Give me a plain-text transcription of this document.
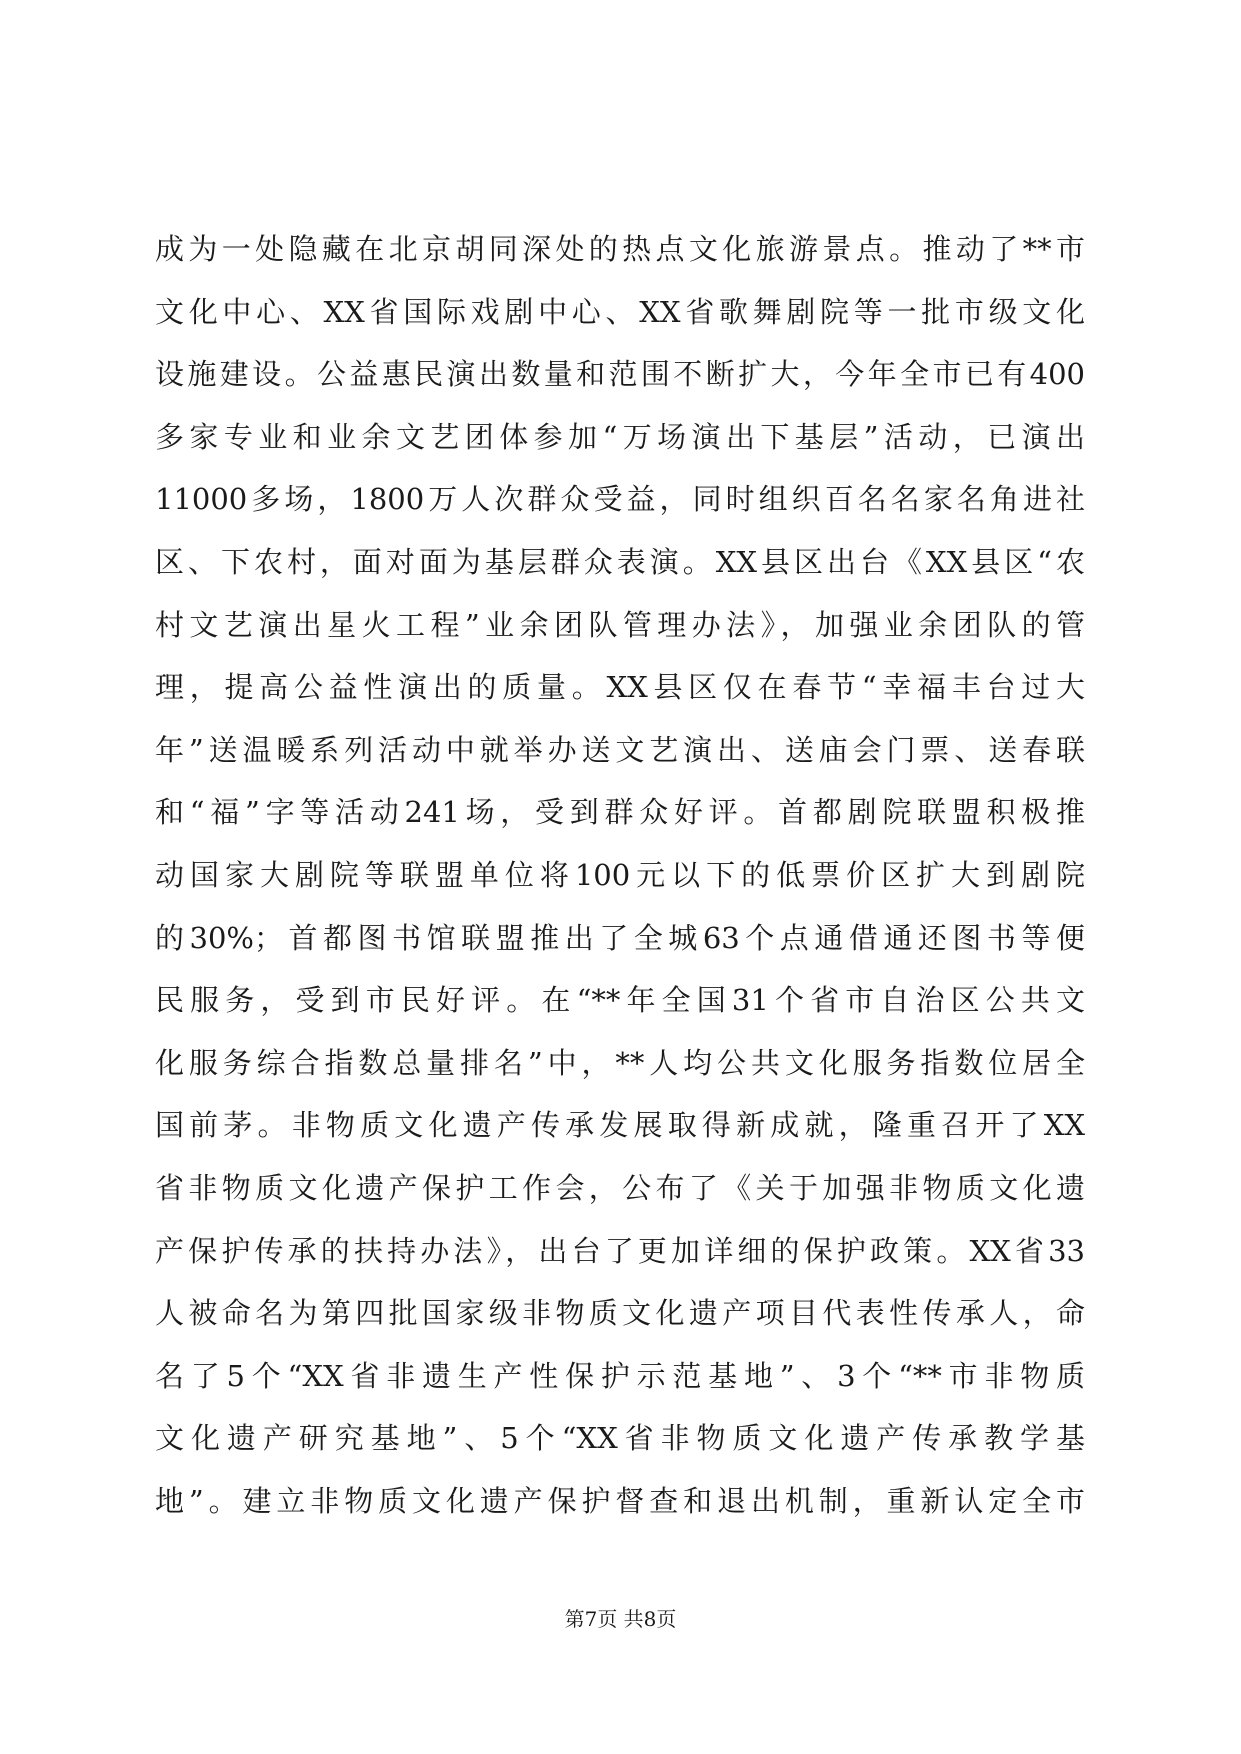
成为一处隐藏在北京胡同深处的热点文化旅游景点。推动了**市
文化中心、XX省国际戏剧中心、XX省歌舞剧院等一批市级文化
设施建设。公益惠民演出数量和范围不断扩大，今年全市已有400
多家专业和业余文艺团体参加“万场演出下基层”活动，已演出
11000多场，1800万人次群众受益，同时组织百名名家名角进社
区、下农村，面对面为基层群众表演。XX县区出台《XX县区“农
村文艺演出星火工程”业余团队管理办法》，加强业余团队的管
理，提高公益性演出的质量。XX县区仅在春节“幸福丰台过大
年”送温暖系列活动中就举办送文艺演出、送庙会门票、送春联
和“福”字等活动241场，受到群众好评。首都剧院联盟积极推
动国家大剧院等联盟单位将100元以下的低票价区扩大到剧院
的30%；首都图书馆联盟推出了全城63个点通借通还图书等便
民服务，受到市民好评。在“**年全国31个省市自治区公共文
化服务综合指数总量排名”中，**人均公共文化服务指数位居全
国前茅。非物质文化遗产传承发展取得新成就，隆重召开了XX
省非物质文化遗产保护工作会，公布了《关于加强非物质文化遗
产保护传承的扶持办法》，出台了更加详细的保护政策。XX省33
人被命名为第四批国家级非物质文化遗产项目代表性传承人，命
名了5个“XX省非遗生产性保护示范基地”、3个“**市非物质
文化遗产研究基地”、5个“XX省非物质文化遗产传承教学基
地”。建立非物质文化遗产保护督查和退出机制，重新认定全市
第7页 共8页
